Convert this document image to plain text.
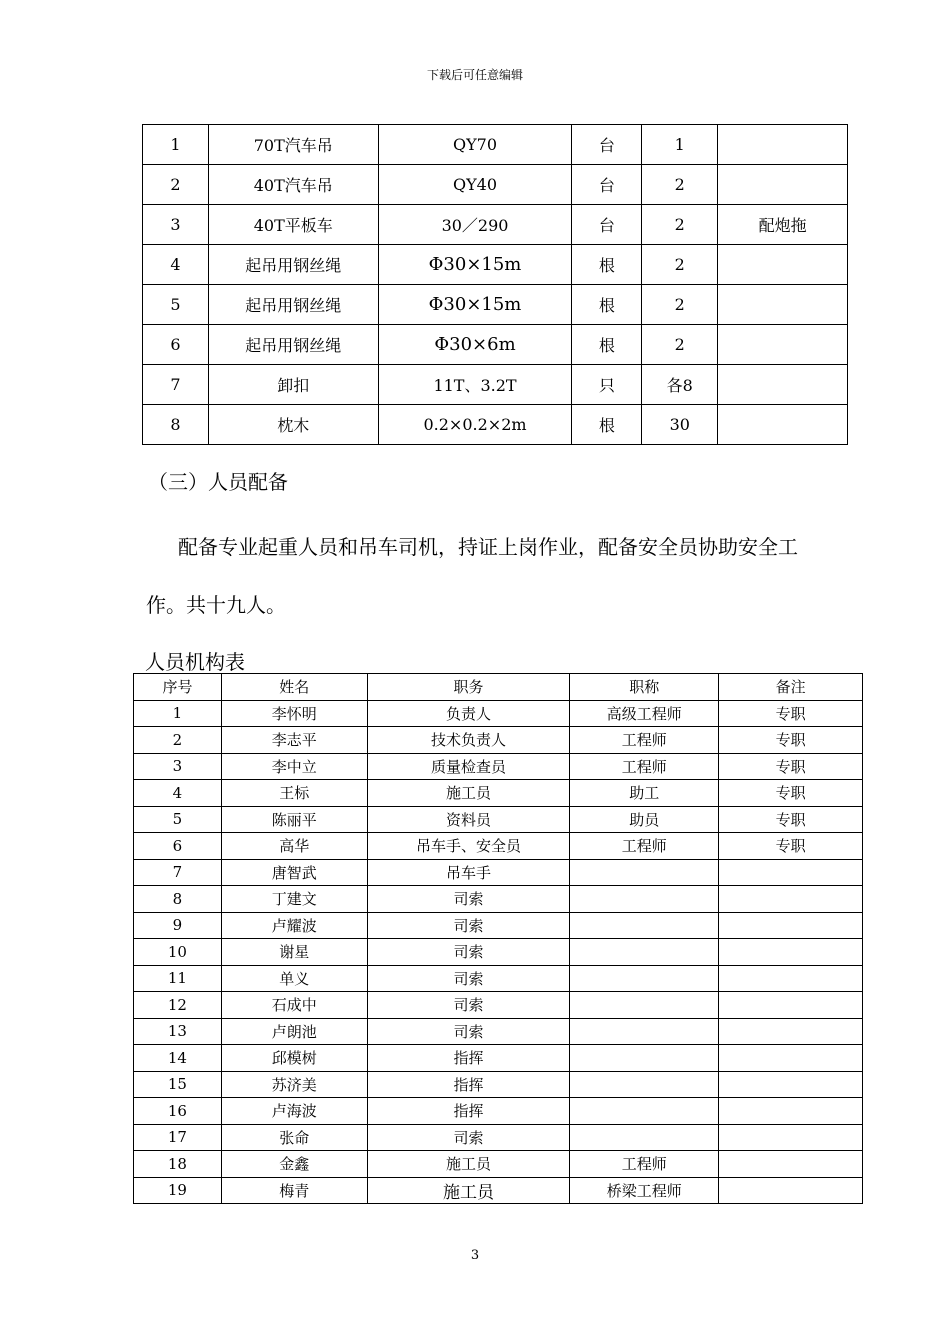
下载后可任意编辑
1	70T汽车吊	QY70	台	1	
2	40T汽车吊	QY40	台	2	
3	40T平板车	30／290	台	2	配炮拖
4	起吊用钢丝绳	Φ30×15m	根	2	
5	起吊用钢丝绳	Φ30×15m	根	2	
6	起吊用钢丝绳	Φ30×6m	根	2	
7	卸扣	11T、3.2T	只	各8	
8	枕木	0.2×0.2×2m	根	30	
（三）人员配备
配备专业起重人员和吊车司机，持证上岗作业，配备安全员协助安全工作。共十九人。
人员机构表
序号	姓名	职务	职称	备注
1	李怀明	负责人	高级工程师	专职
2	李志平	技术负责人	工程师	专职
3	李中立	质量检查员	工程师	专职
4	王标	施工员	助工	专职
5	陈丽平	资料员	助员	专职
6	高华	吊车手、安全员	工程师	专职
7	唐智武	吊车手		
8	丁建文	司索		
9	卢耀波	司索		
10	谢星	司索		
11	单义	司索		
12	石成中	司索		
13	卢朗池	司索		
14	邱模树	指挥		
15	苏济美	指挥		
16	卢海波	指挥		
17	张命	司索		
18	金鑫	施工员	工程师	
19	梅青	施工员	桥梁工程师	
3
